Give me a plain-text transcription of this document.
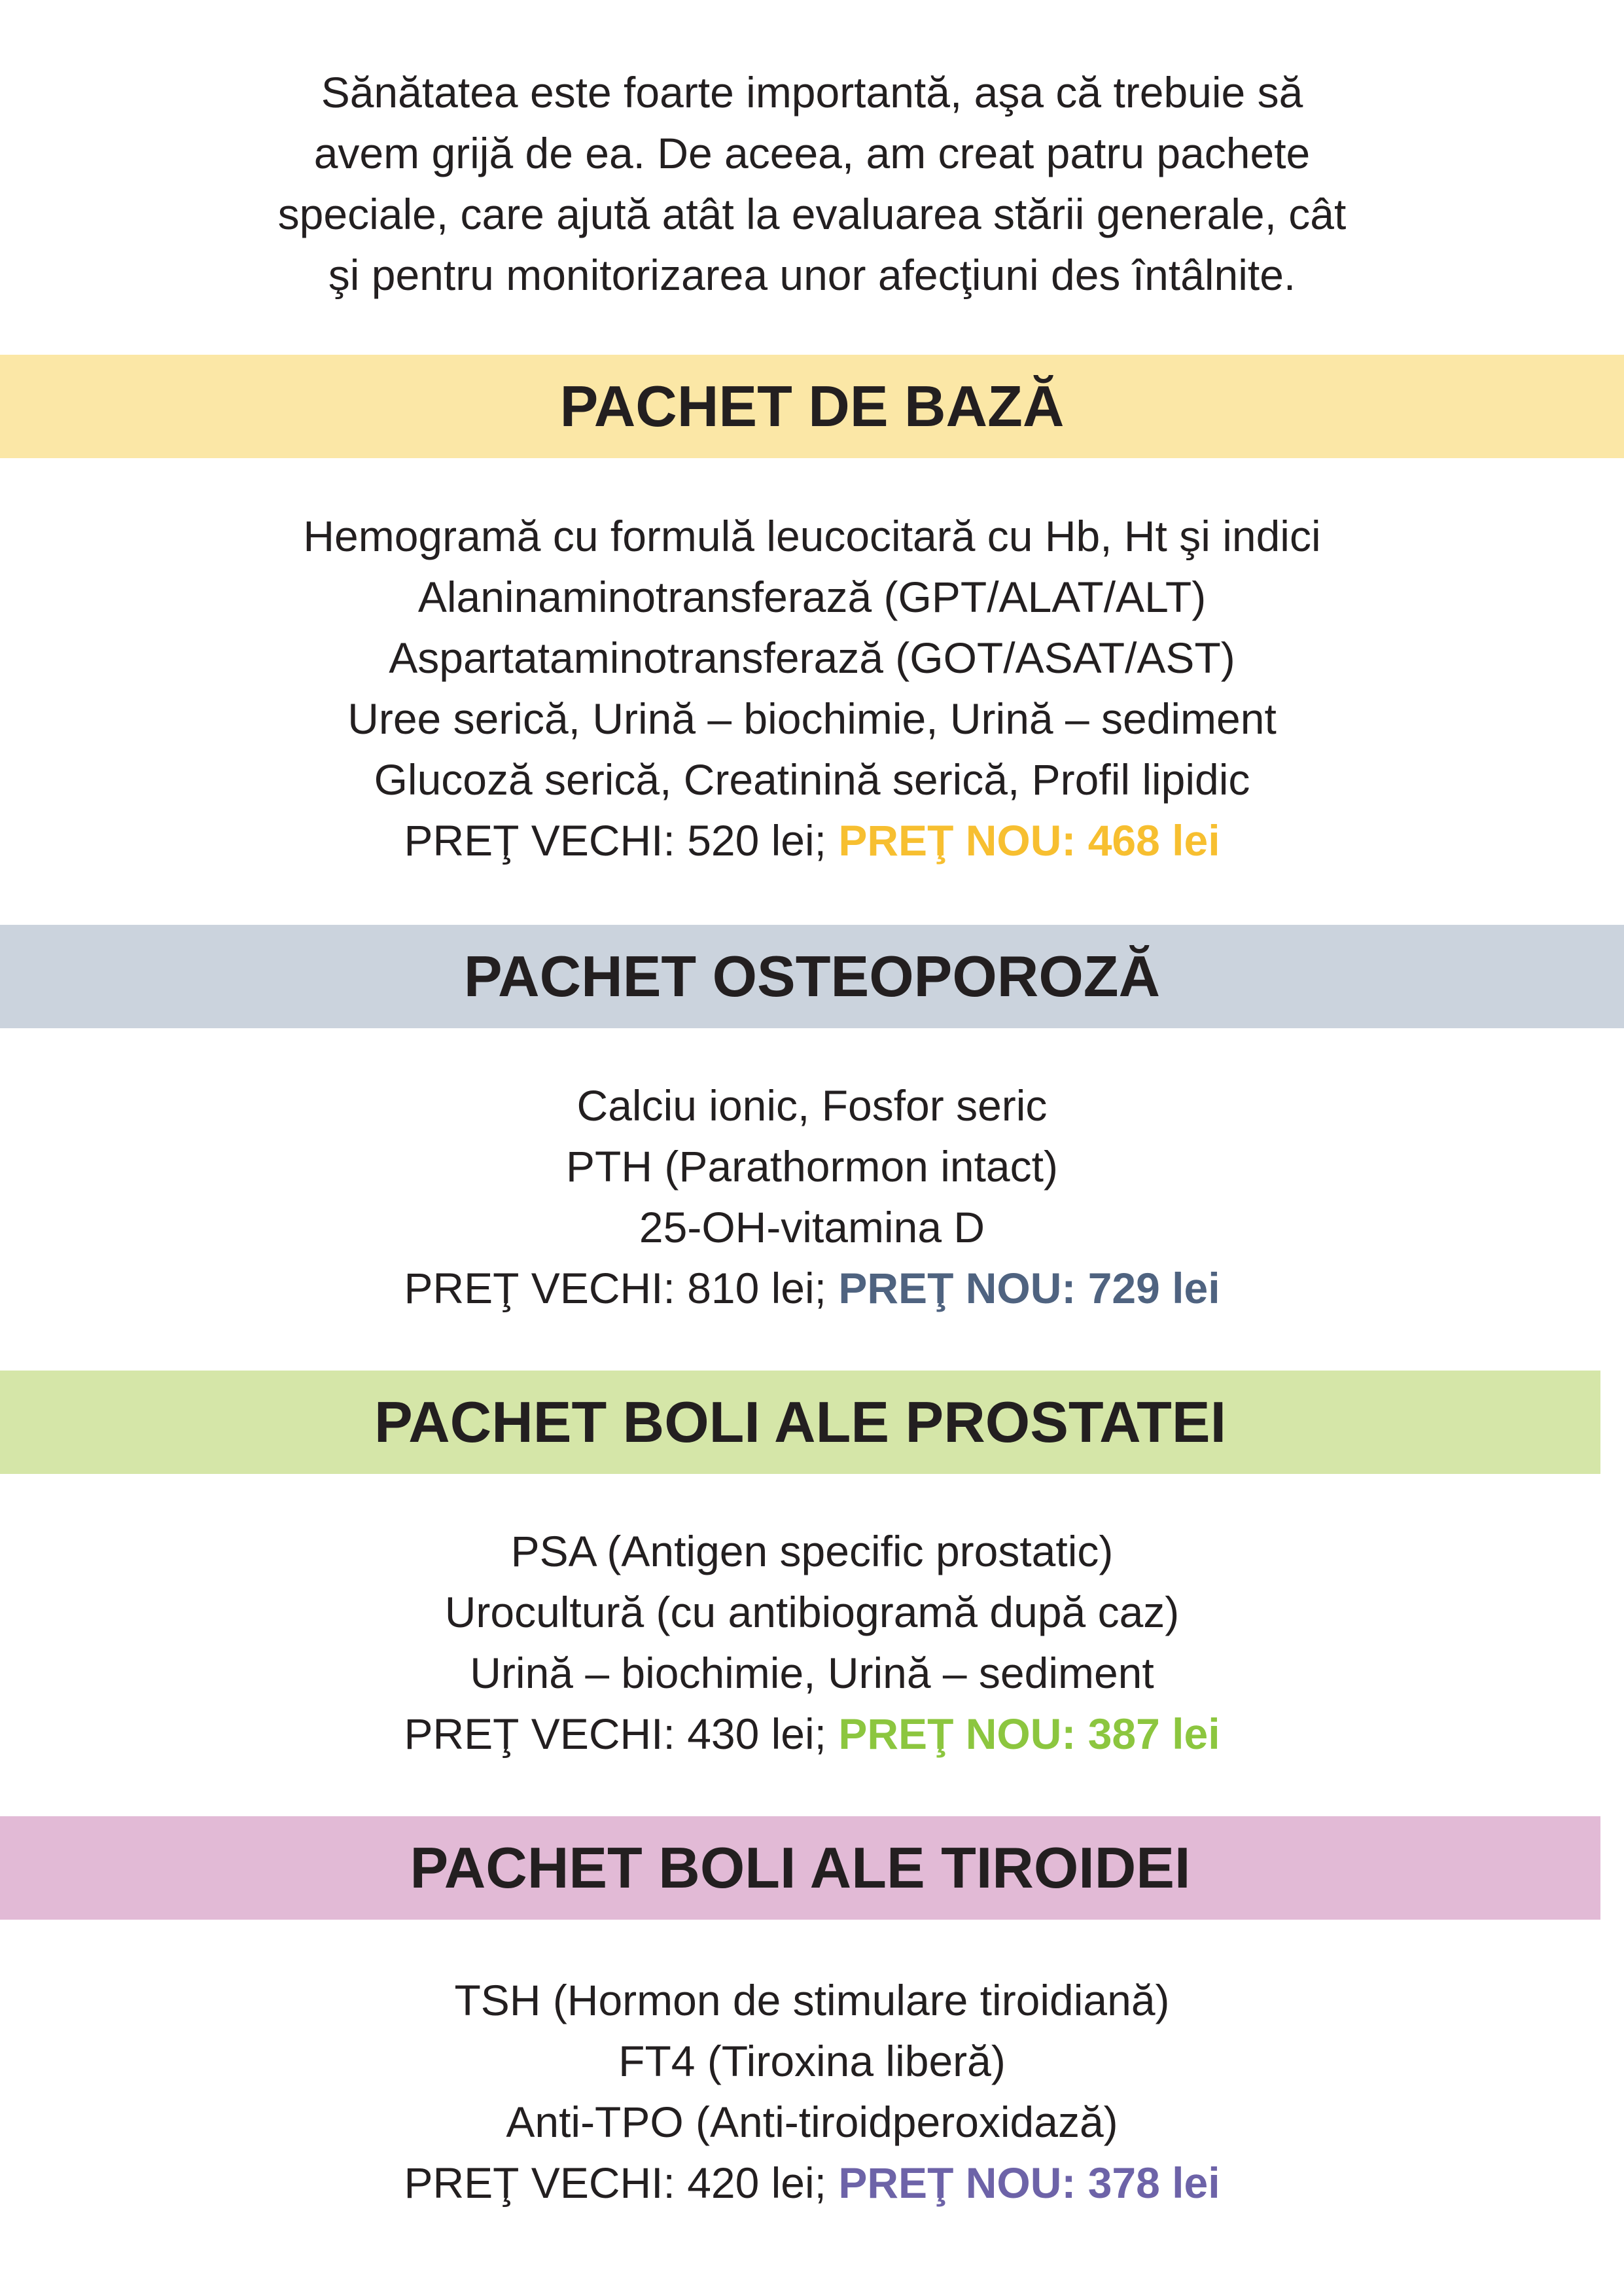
Sănătatea este foarte importantă, aşa că trebuie să
avem grijă de ea. De aceea, am creat patru pachete
speciale, care ajută atât la evaluarea stării generale, cât
şi pentru monitorizarea unor afecţiuni des întâlnite.
PACHET DE BAZĂ
Hemogramă cu formulă leucocitară cu Hb, Ht şi indici
Alaninaminotransferază (GPT/ALAT/ALT)
Aspartataminotransferază (GOT/ASAT/AST)
Uree serică, Urină – biochimie, Urină – sediment
Glucoză serică, Creatinină serică, Profil lipidic
PREŢ VECHI: 520 lei; PREŢ NOU: 468 lei
PACHET OSTEOPOROZĂ
Calciu ionic, Fosfor seric
PTH (Parathormon intact)
25-OH-vitamina D
PREŢ VECHI: 810 lei; PREŢ NOU: 729 lei
PACHET BOLI ALE PROSTATEI
PSA (Antigen specific prostatic)
Urocultură (cu antibiogramă după caz)
Urină – biochimie, Urină – sediment
PREŢ VECHI: 430 lei; PREŢ NOU: 387 lei
PACHET BOLI ALE TIROIDEI
TSH (Hormon de stimulare tiroidiană)
FT4 (Tiroxina liberă)
Anti-TPO (Anti-tiroidperoxidază)
PREŢ VECHI: 420 lei; PREŢ NOU: 378 lei
